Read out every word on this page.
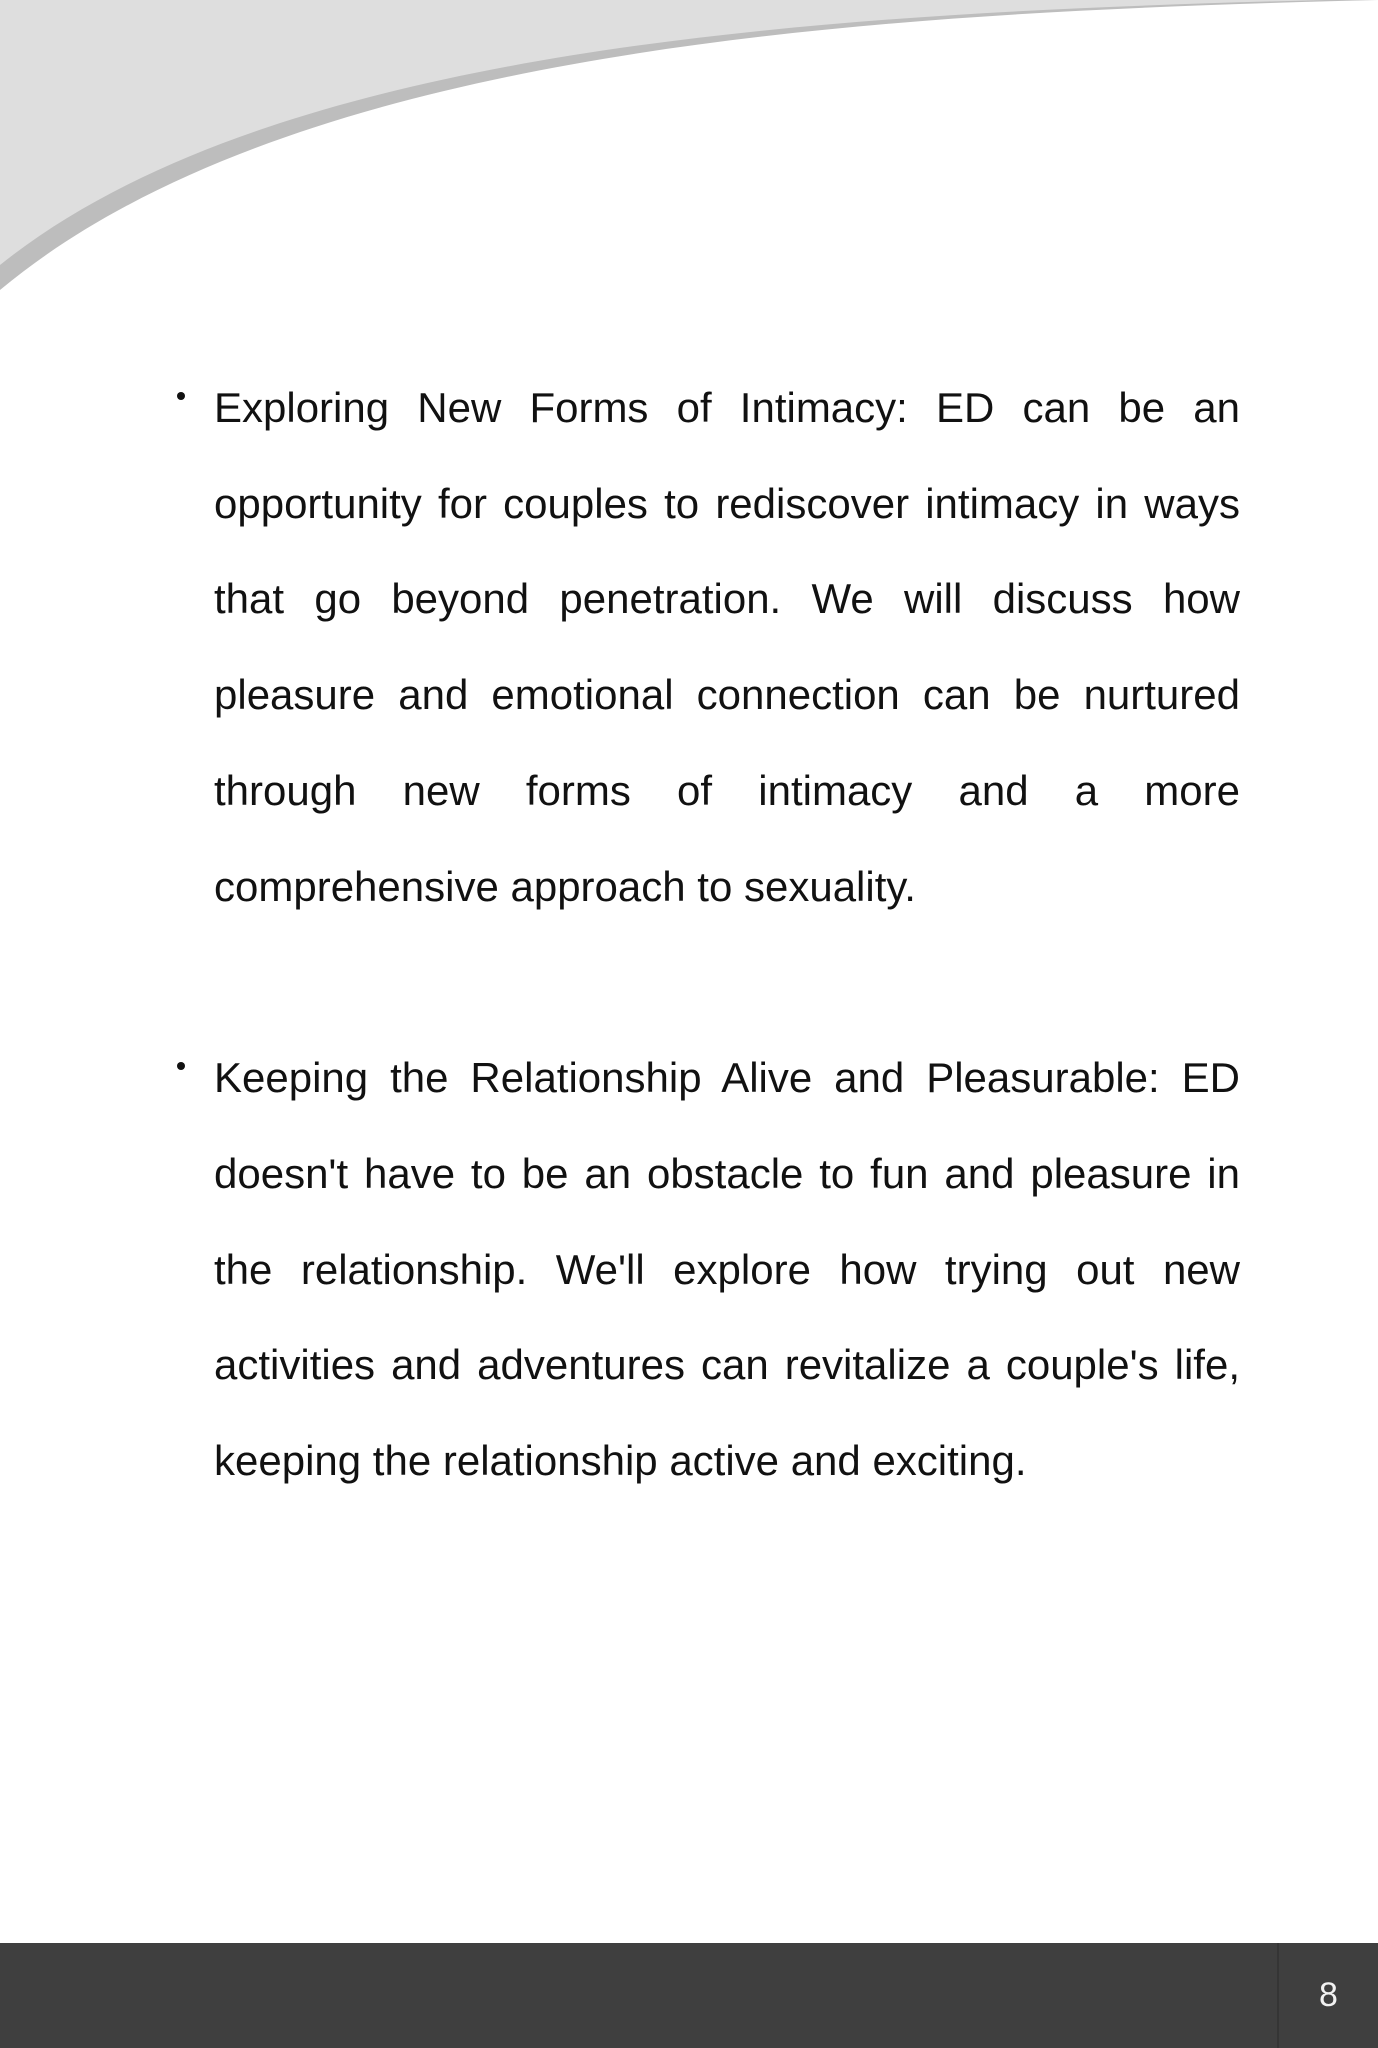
Exploring New Forms of Intimacy: ED can be an opportunity for couples to rediscover intimacy in ways that go beyond penetration. We will discuss how pleasure and emotional connection can be nurtured through new forms of intimacy and a more comprehensive approach to sexuality.
Keeping the Relationship Alive and Pleasurable: ED doesn't have to be an obstacle to fun and pleasure in the relationship. We'll explore how trying out new activities and adventures can revitalize a couple's life, keeping the relationship active and exciting.
8
